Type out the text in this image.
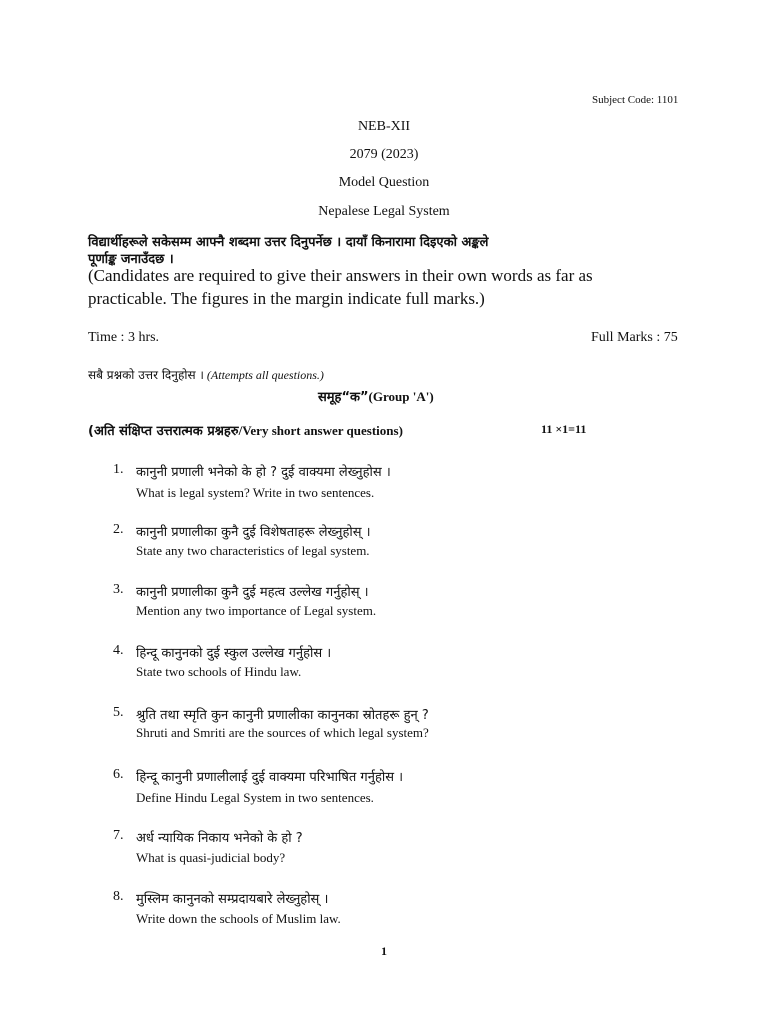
Subject Code: 1101
NEB-XII
2079 (2023)
Model Question
Nepalese Legal System
विद्यार्थीहरूले सकेसम्म आफ्नै शब्दमा उत्तर दिनुपर्नेछ । दायाँ किनारामा दिइएको अङ्कले
पूर्णाङ्क जनाउँदछ ।
(Candidates are required to give their answers in their own words as far as
practicable. The figures in the margin indicate full marks.)
Time : 3 hrs.	Full Marks : 75
सबै प्रश्नको उत्तर दिनुहोस । (Attempts all questions.)
समूह“क”(Group 'A')
(अति संक्षिप्त उत्तरात्मक प्रश्नहरु/Very short answer questions)	11 ×1=11
1. कानुनी प्रणाली भनेको के हो ? दुई वाक्यमा लेख्नुहोस ।
What is legal system? Write in two sentences.
2. कानुनी प्रणालीका कुनै दुई विशेषताहरू लेख्नुहोस् ।
State any two characteristics of legal system.
3. कानुनी प्रणालीका कुनै दुई महत्व उल्लेख गर्नुहोस् ।
Mention any two importance of Legal system.
4. हिन्दू कानुनको दुई स्कुल उल्लेख गर्नुहोस ।
State two schools of Hindu law.
5. श्रुति तथा स्मृति कुन कानुनी प्रणालीका कानुनका स्रोतहरू हुन् ?
Shruti and Smriti are the sources of which legal system?
6. हिन्दू कानुनी प्रणालीलाई दुई वाक्यमा परिभाषित गर्नुहोस ।
Define Hindu Legal System in two sentences.
7. अर्ध न्यायिक निकाय भनेको के हो ?
What is quasi-judicial body?
8. मुस्लिम कानुनको सम्प्रदायबारे लेख्नुहोस् ।
Write down the schools of Muslim law.
1
